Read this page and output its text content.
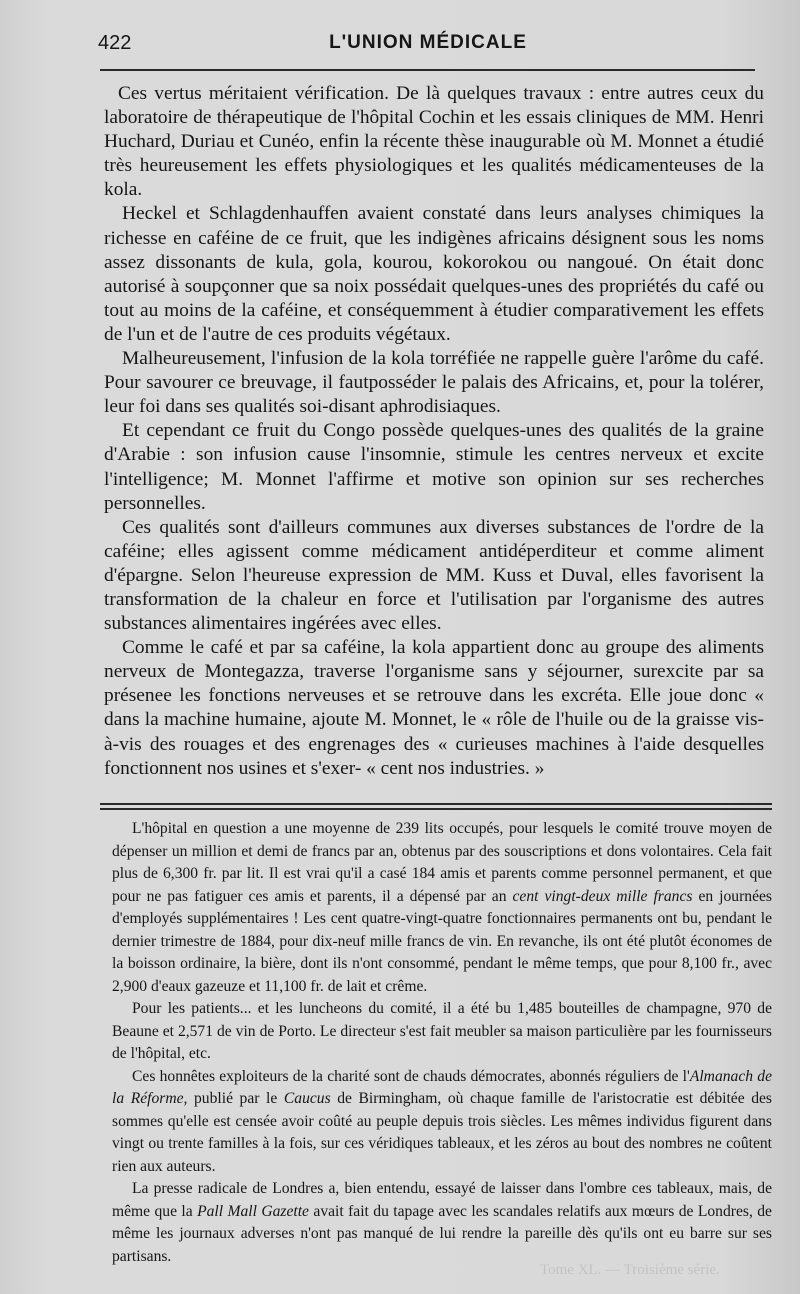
422	L'UNION MÉDICALE

Ces vertus méritaient vérification. De là quelques travaux : entre autres ceux du laboratoire de thérapeutique de l'hôpital Cochin et les essais cliniques de MM. Henri Huchard, Duriau et Cunéo, enfin la récente thèse inaugurable où M. Monnet a étudié très heureusement les effets physiologiques et les qualités médicamenteuses de la kola.

Heckel et Schlagdenhauffen avaient constaté dans leurs analyses chimiques la richesse en caféine de ce fruit, que les indigènes africains désignent sous les noms assez dissonants de kula, gola, kourou, kokorokou ou nangoué. On était donc autorisé à soupçonner que sa noix possédait quelques-unes des propriétés du café ou tout au moins de la caféine, et conséquemment à étudier comparativement les effets de l'un et de l'autre de ces produits végétaux.

Malheureusement, l'infusion de la kola torréfiée ne rappelle guère l'arôme du café. Pour savourer ce breuvage, il fautposséder le palais des Africains, et, pour la tolérer, leur foi dans ses qualités soi-disant aphrodisiaques.

Et cependant ce fruit du Congo possède quelques-unes des qualités de la graine d'Arabie : son infusion cause l'insomnie, stimule les centres nerveux et excite l'intelligence; M. Monnet l'affirme et motive son opinion sur ses recherches personnelles.

Ces qualités sont d'ailleurs communes aux diverses substances de l'ordre de la caféine; elles agissent comme médicament antidéperditeur et comme aliment d'épargne. Selon l'heureuse expression de MM. Kuss et Duval, elles favorisent la transformation de la chaleur en force et l'utilisation par l'organisme des autres substances alimentaires ingérées avec elles.

Comme le café et par sa caféine, la kola appartient donc au groupe des aliments nerveux de Montegazza, traverse l'organisme sans y séjourner, surexcite par sa présenee les fonctions nerveuses et se retrouve dans les excréta. Elle joue donc « dans la machine humaine, ajoute M. Monnet, le « rôle de l'huile ou de la graisse vis-à-vis des rouages et des engrenages des « curieuses machines à l'aide desquelles fonctionnent nos usines et s'exer- « cent nos industries. »

L'hôpital en question a une moyenne de 239 lits occupés, pour lesquels le comité trouve moyen de dépenser un million et demi de francs par an, obtenus par des souscriptions et dons volontaires. Cela fait plus de 6,300 fr. par lit. Il est vrai qu'il a casé 184 amis et parents comme personnel permanent, et que pour ne pas fatiguer ces amis et parents, il a dépensé par an cent vingt-deux mille francs en journées d'employés supplémentaires ! Les cent quatre-vingt-quatre fonctionnaires permanents ont bu, pendant le dernier trimestre de 1884, pour dix-neuf mille francs de vin. En revanche, ils ont été plutôt économes de la boisson ordinaire, la bière, dont ils n'ont consommé, pendant le même temps, que pour 8,100 fr., avec 2,900 d'eaux gazeuze et 11,100 fr. de lait et crême.

Pour les patients... et les luncheons du comité, il a été bu 1,485 bouteilles de champagne, 970 de Beaune et 2,571 de vin de Porto. Le directeur s'est fait meubler sa maison particulière par les fournisseurs de l'hôpital, etc.

Ces honnêtes exploiteurs de la charité sont de chauds démocrates, abonnés réguliers de l'Almanach de la Réforme, publié par le Caucus de Birmingham, où chaque famille de l'aristocratie est débitée des sommes qu'elle est censée avoir coûté au peuple depuis trois siècles. Les mêmes individus figurent dans vingt ou trente familles à la fois, sur ces véridiques tableaux, et les zéros au bout des nombres ne coûtent rien aux auteurs.

La presse radicale de Londres a, bien entendu, essayé de laisser dans l'ombre ces tableaux, mais, de même que la Pall Mall Gazette avait fait du tapage avec les scandales relatifs aux mœurs de Londres, de même les journaux adverses n'ont pas manqué de lui rendre la pareille dès qu'ils ont eu barre sur ses partisans.

Tome XL. — Troisième série.
